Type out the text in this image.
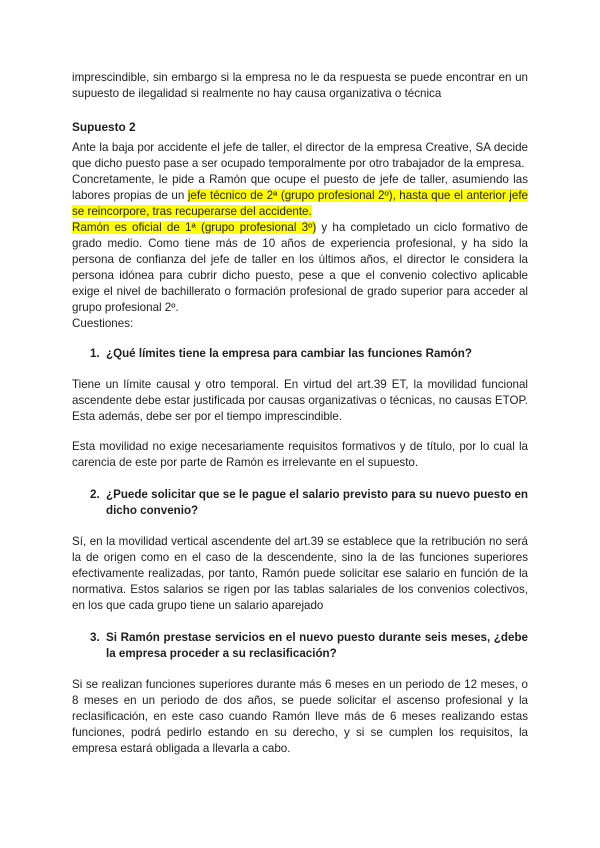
imprescindible, sin embargo si la empresa no le da respuesta se puede encontrar en un supuesto de ilegalidad si realmente no hay causa organizativa o técnica

Supuesto 2

Ante la baja por accidente el jefe de taller, el director de la empresa Creative, SA decide que dicho puesto pase a ser ocupado temporalmente por otro trabajador de la empresa.

Concretamente, le pide a Ramón que ocupe el puesto de jefe de taller, asumiendo las labores propias de un jefe técnico de 2ª (grupo profesional 2º), hasta que el anterior jefe se reincorpore, tras recuperarse del accidente.

Ramón es oficial de 1ª (grupo profesional 3º) y ha completado un ciclo formativo de grado medio. Como tiene más de 10 años de experiencia profesional, y ha sido la persona de confianza del jefe de taller en los últimos años, el director le considera la persona idónea para cubrir dicho puesto, pese a que el convenio colectivo aplicable exige el nivel de bachillerato o formación profesional de grado superior para acceder al grupo profesional 2º.

Cuestiones:

1. ¿Qué límites tiene la empresa para cambiar las funciones Ramón?

Tiene un límite causal y otro temporal. En virtud del art.39 ET, la movilidad funcional ascendente debe estar justificada por causas organizativas o técnicas, no causas ETOP. Esta además, debe ser por el tiempo imprescindible.

Esta movilidad no exige necesariamente requisitos formativos y de título, por lo cual la carencia de este por parte de Ramón es irrelevante en el supuesto.

2. ¿Puede solicitar que se le pague el salario previsto para su nuevo puesto en dicho convenio?

Sí, en la movilidad vertical ascendente del art.39 se establece que la retribución no será la de origen como en el caso de la descendente, sino la de las funciones superiores efectivamente realizadas, por tanto, Ramón puede solicitar ese salario en función de la normativa. Estos salarios se rigen por las tablas salariales de los convenios colectivos, en los que cada grupo tiene un salario aparejado

3. Si Ramón prestase servicios en el nuevo puesto durante seis meses, ¿debe la empresa proceder a su reclasificación?

Si se realizan funciones superiores durante más 6 meses en un periodo de 12 meses, o 8 meses en un periodo de dos años, se puede solicitar el ascenso profesional y la reclasificación, en este caso cuando Ramón lleve más de 6 meses realizando estas funciones, podrá pedirlo estando en su derecho, y si se cumplen los requisitos, la empresa estará obligada a llevarla a cabo.
